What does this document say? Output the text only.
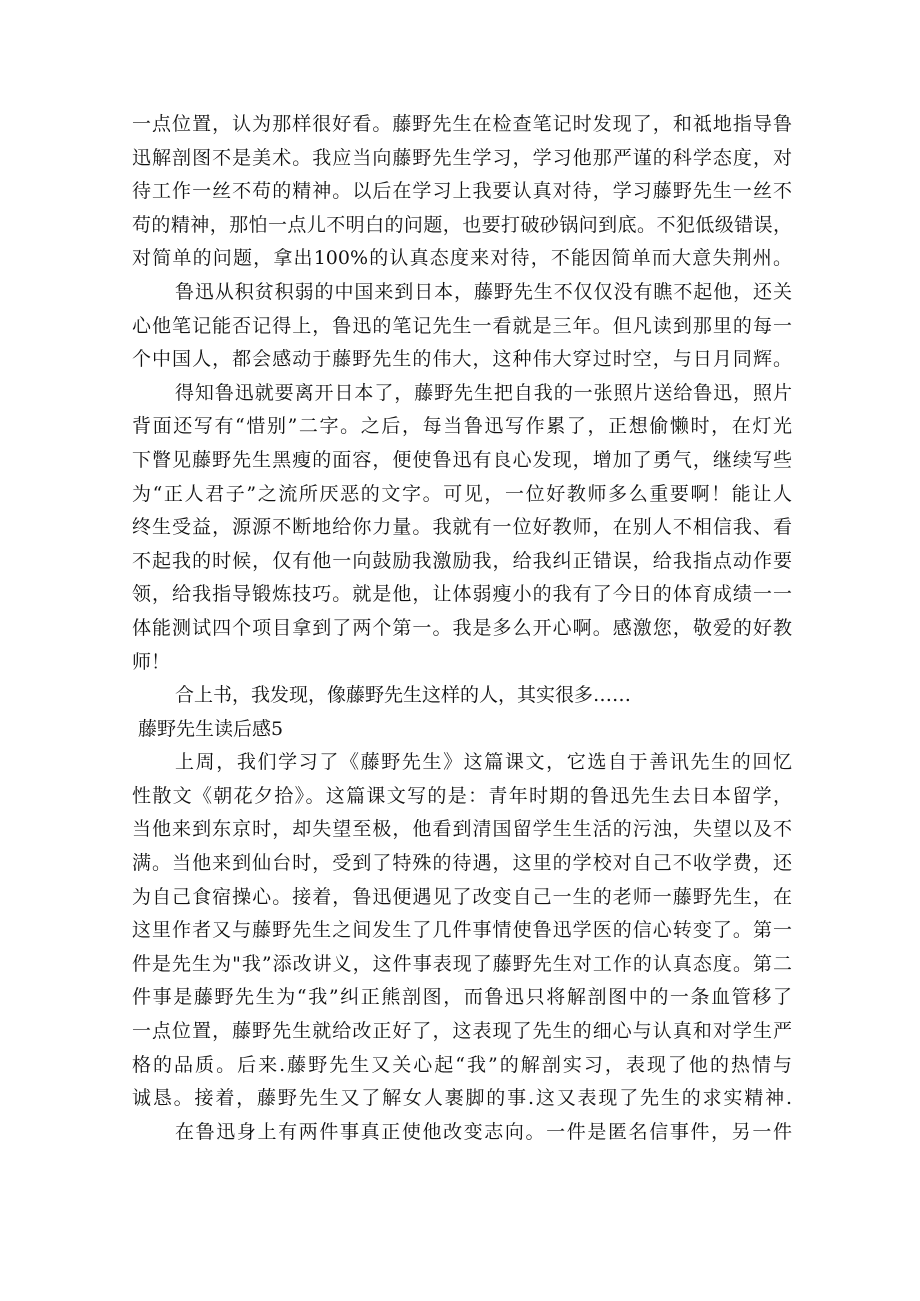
一点位置，认为那样很好看。藤野先生在检查笔记时发现了，和祗地指导鲁
迅解剖图不是美术。我应当向藤野先生学习，学习他那严谨的科学态度，对
待工作一丝不苟的精神。以后在学习上我要认真对待，学习藤野先生一丝不
苟的精神，那怕一点儿不明白的问题，也要打破砂锅问到底。不犯低级错误，
对简单的问题，拿出100%的认真态度来对待，不能因简单而大意失荆州。
鲁迅从积贫积弱的中国来到日本，藤野先生不仅仅没有瞧不起他，还关
心他笔记能否记得上，鲁迅的笔记先生一看就是三年。但凡读到那里的每一
个中国人，都会感动于藤野先生的伟大，这种伟大穿过时空，与日月同辉。
得知鲁迅就要离开日本了，藤野先生把自我的一张照片送给鲁迅，照片
背面还写有“惜别”二字。之后，每当鲁迅写作累了，正想偷懒时，在灯光
下瞥见藤野先生黑瘦的面容，便使鲁迅有良心发现，增加了勇气，继续写些
为“正人君子”之流所厌恶的文字。可见，一位好教师多么重要啊！能让人
终生受益，源源不断地给你力量。我就有一位好教师，在别人不相信我、看
不起我的时候，仅有他一向鼓励我激励我，给我纠正错误，给我指点动作要
领，给我指导锻炼技巧。就是他，让体弱瘦小的我有了今日的体育成绩一一
体能测试四个项目拿到了两个第一。我是多么开心啊。感激您，敬爱的好教
师！
合上书，我发现，像藤野先生这样的人，其实很多……
藤野先生读后感5
上周，我们学习了《藤野先生》这篇课文，它选自于善讯先生的回忆
性散文《朝花夕拾》。这篇课文写的是：青年时期的鲁迅先生去日本留学，
当他来到东京时，却失望至极，他看到清国留学生生活的污浊，失望以及不
满。当他来到仙台时，受到了特殊的待遇，这里的学校对自己不收学费，还
为自己食宿操心。接着，鲁迅便遇见了改变自己一生的老师一藤野先生，在
这里作者又与藤野先生之间发生了几件事情使鲁迅学医的信心转变了。第一
件是先生为"我”添改讲义，这件事表现了藤野先生对工作的认真态度。第二
件事是藤野先生为“我”纠正熊剖图，而鲁迅只将解剖图中的一条血管移了
一点位置，藤野先生就给改正好了，这表现了先生的细心与认真和对学生严
格的品质。后来.藤野先生又关心起“我”的解剖实习，表现了他的热情与
诚恳。接着，藤野先生又了解女人裹脚的事.这又表现了先生的求实精神.
在鲁迅身上有两件事真正使他改变志向。一件是匿名信事件，另一件
